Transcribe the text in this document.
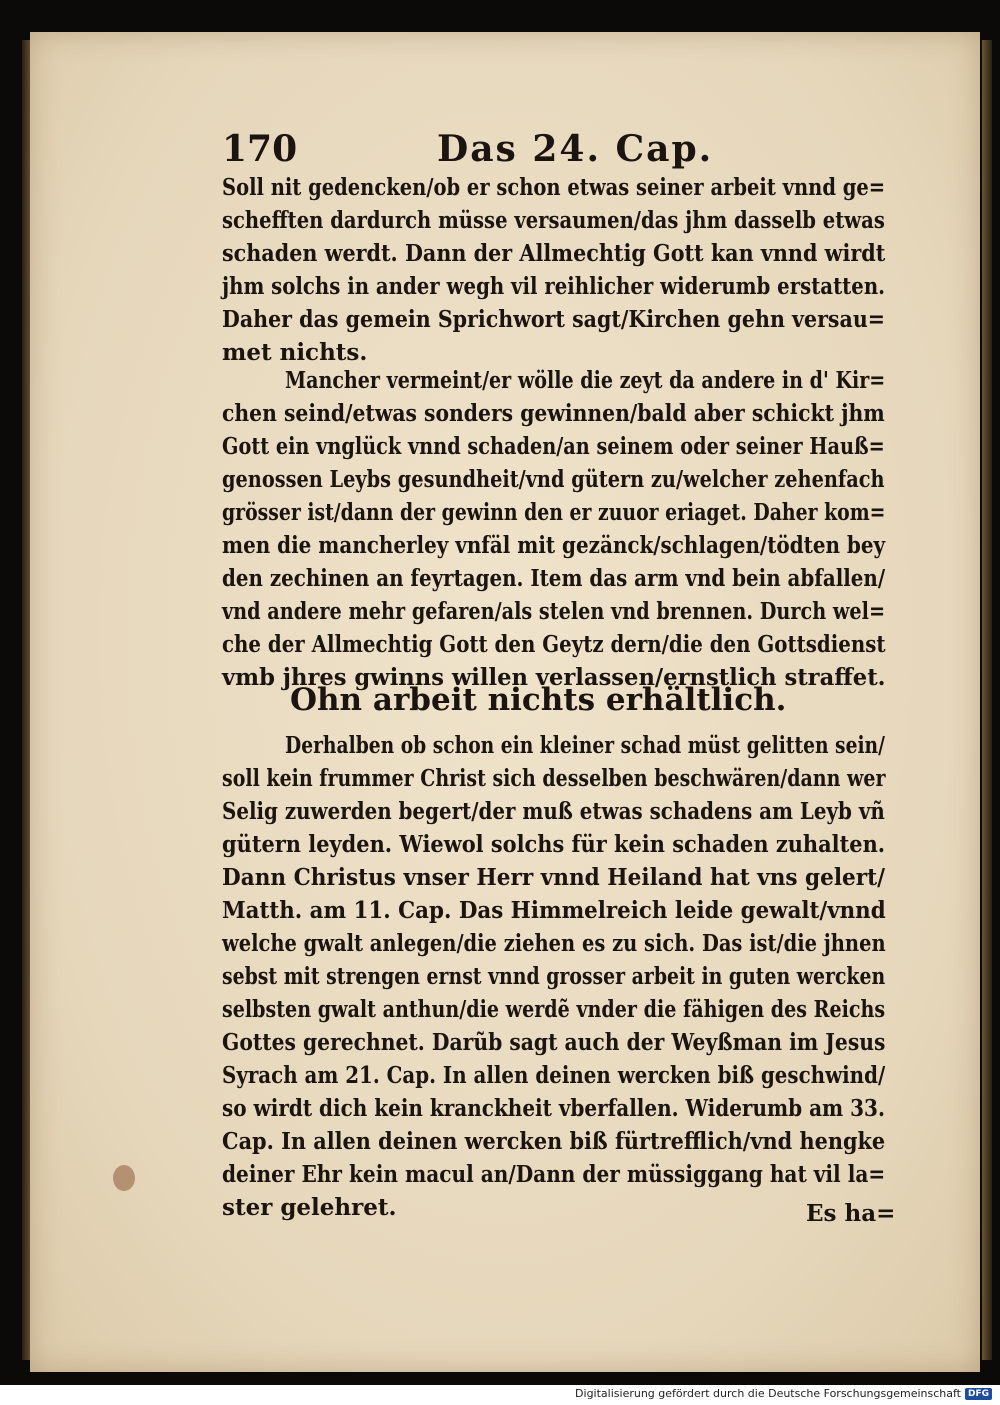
170	Das 24. Cap.
Soll nit gedencken/ob er schon etwas seiner arbeit vnnd ge=
schefften dardurch müsse versaumen/das jhm dasselb etwas
schaden werdt. Dann der Allmechtig Gott kan vnnd wirdt
jhm solchs in ander wegh vil reihlicher widerumb erstatten.
Daher das gemein Sprichwort sagt/Kirchen gehn versau=
met nichts.
Mancher vermeint/er wölle die zeyt da andere in d' Kir=
chen seind/etwas sonders gewinnen/bald aber schickt jhm
Gott ein vnglück vnnd schaden/an seinem oder seiner Hauß=
genossen Leybs gesundheit/vnd gütern zu/welcher zehenfach
grösser ist/dann der gewinn den er zuuor eriaget. Daher kom=
men die mancherley vnfäl mit gezänck/schlagen/tödten bey
den zechinen an feyrtagen. Item das arm vnd bein abfallen/
vnd andere mehr gefaren/als stelen vnd brennen. Durch wel=
che der Allmechtig Gott den Geytz dern/die den Gottsdienst
vmb jhres gwinns willen verlassen/ernstlich straffet.
Ohn arbeit nichts erhältlich.
Derhalben ob schon ein kleiner schad müst gelitten sein/
soll kein frummer Christ sich desselben beschwären/dann wer
Selig zuwerden begert/der muß etwas schadens am Leyb vñ
gütern leyden. Wiewol solchs für kein schaden zuhalten.
Dann Christus vnser Herr vnnd Heiland hat vns gelert/
Matth. am 11. Cap. Das Himmelreich leide gewalt/vnnd
welche gwalt anlegen/die ziehen es zu sich. Das ist/die jhnen
sebst mit strengen ernst vnnd grosser arbeit in guten wercken
selbsten gwalt anthun/die werdẽ vnder die fähigen des Reichs
Gottes gerechnet. Darũb sagt auch der Weyßman im Jesus
Syrach am 21. Cap. In allen deinen wercken biß geschwind/
so wirdt dich kein kranckheit vberfallen. Widerumb am 33.
Cap. In allen deinen wercken biß fürtrefflich/vnd hengke
deiner Ehr kein macul an/Dann der müssiggang hat vil la=
ster gelehret.	Es ha=
Digitalisierung gefördert durch die Deutsche Forschungsgemeinschaft DFG
